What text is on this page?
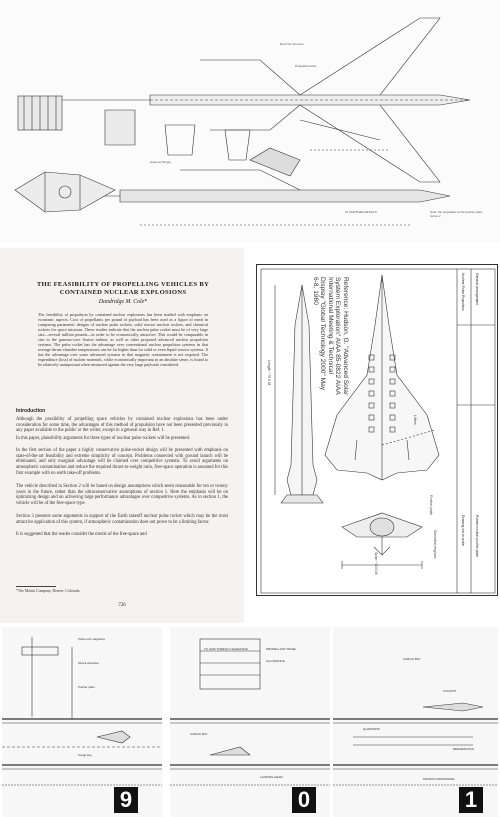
Roof the structure
Propellant tanks
Heat exchanger
Note: the propellant to the pusher plate, hence it
for FURTHER DETAILS
THE FEASIBILITY OF PROPELLING VEHICLES BY CONTAINED NUCLEAR EXPLOSIONS
Dandridge M. Cole*
The feasibility of propulsion by contained nuclear explosions has been studied with emphasis on economic aspects. Cost of propellants per pound of payload has been used as a figure of merit in comparing parametric designs of nuclear pulse rockets, solid reactor nuclear rockets, and chemical rockets for space missions. These studies indicate that the nuclear pulse rocket must be of very large size—several million pounds—in order to be economically attractive. This would be comparable in size to the gaseous-core fission turbine, as well as other proposed advanced nuclear propulsion systems. The pulse rocket has the advantage over conventional nuclear propulsion systems in that average thrust-chamber temperatures can be far higher than for solid or even liquid reactor systems. It has the advantage over some advanced systems in that magnetic containment is not required. The expenditure (loss) of nuclear materials, while economically important in an absolute sense, is found to be relatively unimportant when measured against the very large payloads considered.
Introduction
Although the possibility of propelling space vehicles by contained nuclear explosions has been under consideration for some time, the advantages of this method of propulsion have not been presented previously in any paper available to the public or the writer, except in a general way in Ref. 1.
In this paper, plausibility arguments for three types of nuclear pulse rockets will be presented.
In the first section of the paper a highly conservative pulse-rocket design will be presented with emphasis on state-of-the-art feasibility and extreme simplicity of concept. Problems connected with ground launch will be eliminated, and only marginal advantage will be claimed over competitive systems. To avoid arguments on atmospheric contamination and reduce the required thrust-to-weight ratio, free-space operation is assumed for this first example with no earth take-off problems.
The vehicle described in Section 2 will be based on design assumptions which seem reasonable for ten or twenty years in the future, rather than the ultraconservative assumptions of section 1. Here the emphasis will be on optimizing design and on achieving large performance advantages over competitive systems. As in section 1, the vehicle will be of the free-space type.
Section 3 presents some arguments in support of the Earth takeoff nuclear pulse rocket which may be the most attractive application of this system, if atmospheric contamination does not prove to be a limiting factor.
It is suggested that the reader consider the merits of the free-space and
*The Martin Company, Denver, Colorado.
726
Reference: Hudson, G. "Advanced Solar System Exploration" AIAA 85-0822 AIAA International Meeting & Technical Display "Global Technology 2000" May 6-8, 1980
Length ~75.6 M
Lifters
Pusher plate
Span ~10.6 M
Sinnertial engines
Nuclear Pulse Propulsion	General arrangement
Drawing not to scale	Pulsed nuclear pusher plate
Pulse unit magazine
Shock absorber
Pusher plate
Cargo bay
9
TO HAM THREAD CLEARANCE	PROPELLANT PANEL
ALLOWANCE
CARGO BAY
LANDING GEAR
0
CARGO BAY
COCKPIT
QUARTERS
RENDEZVOUS
MISSION PERSONNEL
1
